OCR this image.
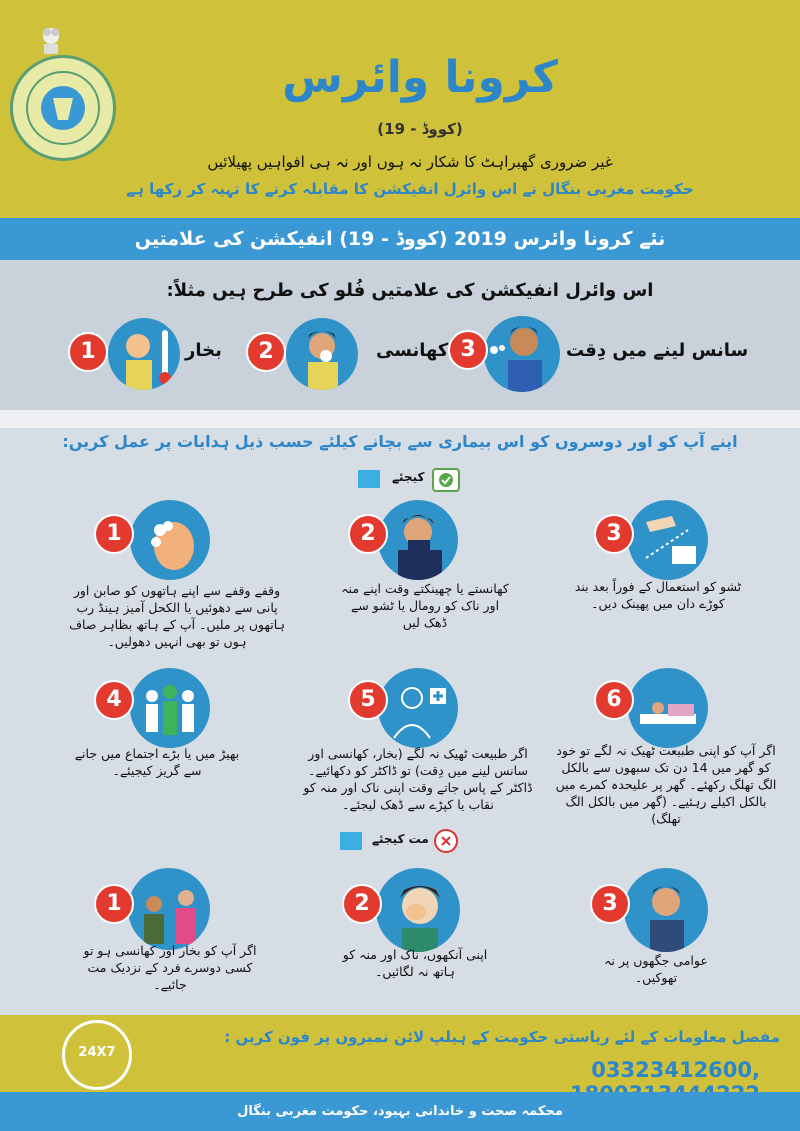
کرونا وائرس
(کووڈ - 19)
غیر ضروری گھبراہٹ کا شکار نہ ہوں اور نہ ہی افواہیں پھیلائیں
حکومت مغربی بنگال نے اس وائرل انفیکشن کا مقابلہ کرنے کا تہیہ کر رکھا ہے
نئے کرونا وائرس 2019 (کووڈ - 19) انفیکشن کی علامتیں
اس وائرل انفیکشن کی علامتیں فُلو کی طرح ہیں مثلاً:
1	بخار	2	کھانسی 3	سانس لینے میں دِقت
اپنے آپ کو اور دوسروں کو اس بیماری سے بچانے کیلئے حسب ذیل ہدایات پر عمل کریں:
کیجئے
1
وقفے وقفے سے اپنے ہاتھوں کو صابن اور پانی سے دھوئیں یا الکحل آمیز ہینڈ رب ہاتھوں پر ملیں۔ آپ کے ہاتھ بظاہر صاف ہوں تو بھی انہیں دھولیں۔
2
کھانستے یا چھینکتے وقت اپنے منہ اور ناک کو رومال یا ٹشو سے ڈھک لیں
3
ٹشو کو استعمال کے فوراً بعد بند کوڑے دان میں پھینک دیں۔
4
بھیڑ میں یا بڑے اجتماع میں جانے سے گریز کیجیئے۔
5
اگر طبیعت ٹھیک نہ لگے (بخار، کھانسی اور سانس لینے میں دِقت) تو ڈاکٹر کو دکھائیے۔ ڈاکٹر کے پاس جاتے وقت اپنی ناک اور منہ کو نقاب یا کپڑے سے ڈھک لیجئے۔
6
اگر آپ کو اپنی طبیعت ٹھیک نہ لگے تو خود کو گھر میں 14 دن تک سبھوں سے بالکل الگ تھلگ رکھئے۔ گھر پر علیحدہ کمرے میں بالکل اکیلے رہئیے۔ (گھر میں بالکل الگ تھلگ)
مت کیجئے
1
اگر آپ کو بخار اور کھانسی ہو تو کسی دوسرے فرد کے نزدیک مت جائیے۔
2
اپنی آنکھوں، ناک اور منہ کو ہاتھ نہ لگائیں۔
3
عوامی جگھوں پر نہ تھوکیں۔
24X7
مفصل معلومات کے لئے ریاستی حکومت کے ہیلپ لائن نمبروں پر فون کریں :
03323412600,
محکمہ صحت و خاندانی بہبود، حکومت مغربی بنگال
